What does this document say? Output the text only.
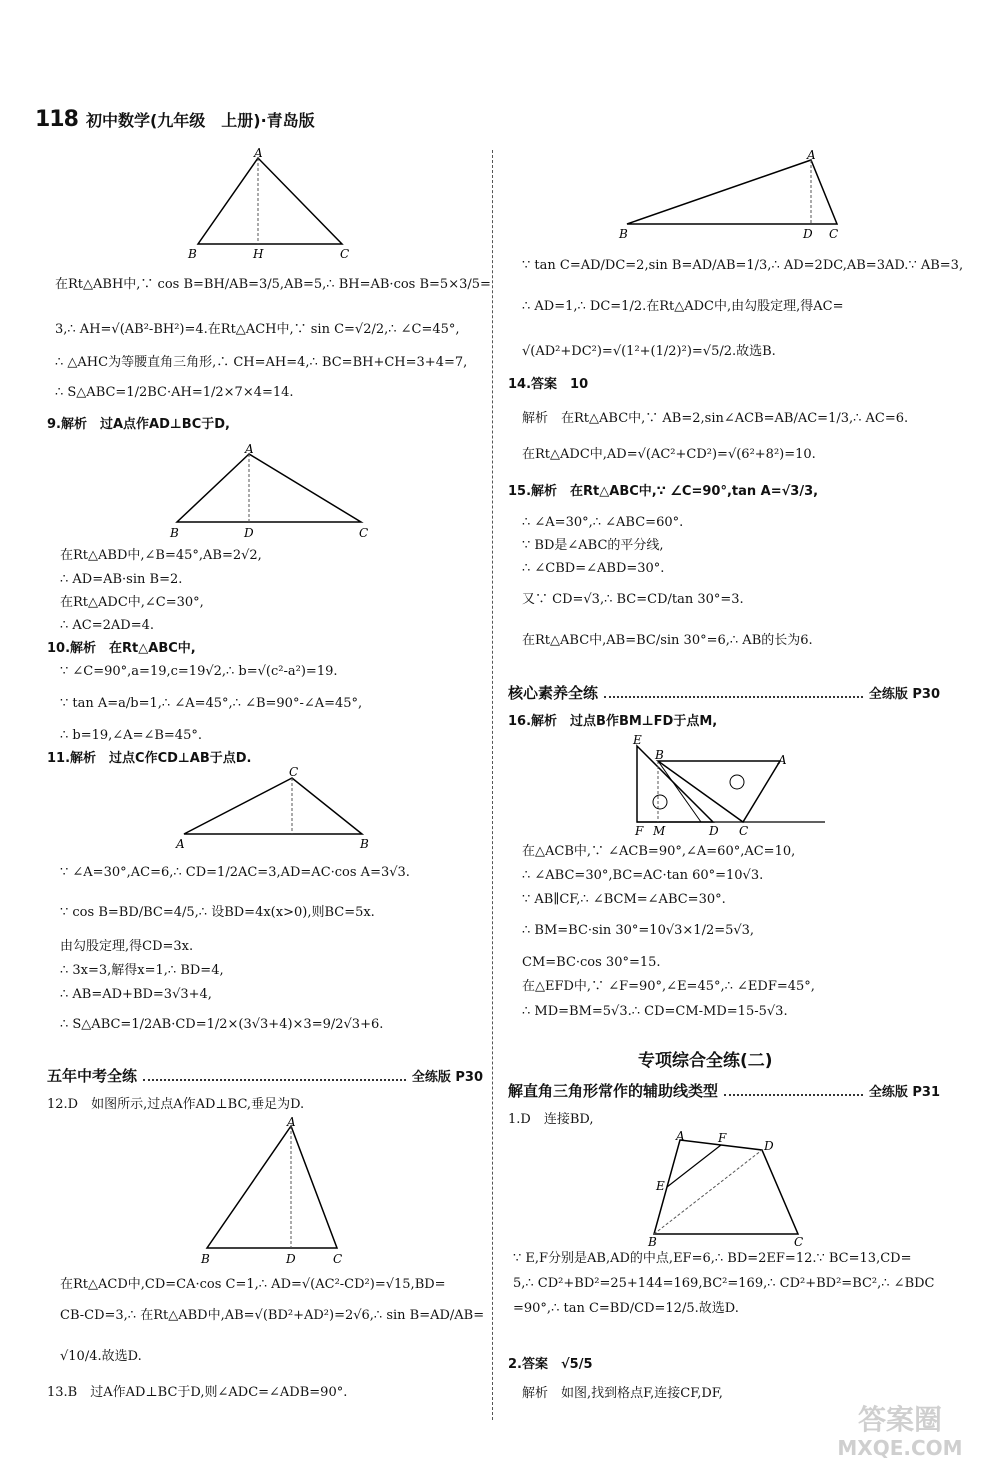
118 初中数学(九年级　上册)·青岛版
A
B	H	C
在Rt△ABH中,∵ cos B=BH/AB=3/5,AB=5,∴ BH=AB·cos B=5×3/5=
3,∴ AH=√(AB²-BH²)=4.在Rt△ACH中,∵ sin C=√2/2,∴ ∠C=45°,
∴ △AHC为等腰直角三角形,∴ CH=AH=4,∴ BC=BH+CH=3+4=7,
∴ S△ABC=1/2BC·AH=1/2×7×4=14.
9.解析　过A点作AD⊥BC于D,
A
B	D	C
在Rt△ABD中,∠B=45°,AB=2√2,
∴ AD=AB·sin B=2.
在Rt△ADC中,∠C=30°,
∴ AC=2AD=4.
10.解析　在Rt△ABC中,
∵ ∠C=90°,a=19,c=19√2,∴ b=√(c²-a²)=19.
∵ tan A=a/b=1,∴ ∠A=45°,∴ ∠B=90°-∠A=45°,
∴ b=19,∠A=∠B=45°.
11.解析　过点C作CD⊥AB于点D.
C
A	B
∵ ∠A=30°,AC=6,∴ CD=1/2AC=3,AD=AC·cos A=3√3.
∵ cos B=BD/BC=4/5,∴ 设BD=4x(x>0),则BC=5x.
由勾股定理,得CD=3x.
∴ 3x=3,解得x=1,∴ BD=4,
∴ AB=AD+BD=3√3+4,
∴ S△ABC=1/2AB·CD=1/2×(3√3+4)×3=9/2√3+6.
五年中考全练	全练版 P30
12.D　如图所示,过点A作AD⊥BC,垂足为D.
A
B	D	C
在Rt△ACD中,CD=CA·cos C=1,∴ AD=√(AC²-CD²)=√15,BD=
CB-CD=3,∴ 在Rt△ABD中,AB=√(BD²+AD²)=2√6,∴ sin B=AD/AB=
√10/4.故选D.
13.B　过A作AD⊥BC于D,则∠ADC=∠ADB=90°.
A
B	D C
∵ tan C=AD/DC=2,sin B=AD/AB=1/3,∴ AD=2DC,AB=3AD.∵ AB=3,
∴ AD=1,∴ DC=1/2.在Rt△ADC中,由勾股定理,得AC=
√(AD²+DC²)=√(1²+(1/2)²)=√5/2.故选B.
14.答案　10
解析　在Rt△ABC中,∵ AB=2,sin∠ACB=AB/AC=1/3,∴ AC=6.
在Rt△ADC中,AD=√(AC²+CD²)=√(6²+8²)=10.
15.解析　在Rt△ABC中,∵ ∠C=90°,tan A=√3/3,
∴ ∠A=30°,∴ ∠ABC=60°.
∵ BD是∠ABC的平分线,
∴ ∠CBD=∠ABD=30°.
又∵ CD=√3,∴ BC=CD/tan 30°=3.
在Rt△ABC中,AB=BC/sin 30°=6,∴ AB的长为6.
核心素养全练	全练版 P30
16.解析　过点B作BM⊥FD于点M,
E
B	A
F M	D C
在△ACB中,∵ ∠ACB=90°,∠A=60°,AC=10,
∴ ∠ABC=30°,BC=AC·tan 60°=10√3.
∵ AB∥CF,∴ ∠BCM=∠ABC=30°.
∴ BM=BC·sin 30°=10√3×1/2=5√3,
CM=BC·cos 30°=15.
在△EFD中,∵ ∠F=90°,∠E=45°,∴ ∠EDF=45°,
∴ MD=BM=5√3.∴ CD=CM-MD=15-5√3.
专项综合全练(二)
解直角三角形常作的辅助线类型	全练版 P31
1.D　连接BD,
A	F
D
E
B	C
∵ E,F分别是AB,AD的中点,EF=6,∴ BD=2EF=12.∵ BC=13,CD=
5,∴ CD²+BD²=25+144=169,BC²=169,∴ CD²+BD²=BC²,∴ ∠BDC
=90°,∴ tan C=BD/CD=12/5.故选D.
2.答案　√5/5
解析　如图,找到格点F,连接CF,DF,
答案圈
MXQE.COM
